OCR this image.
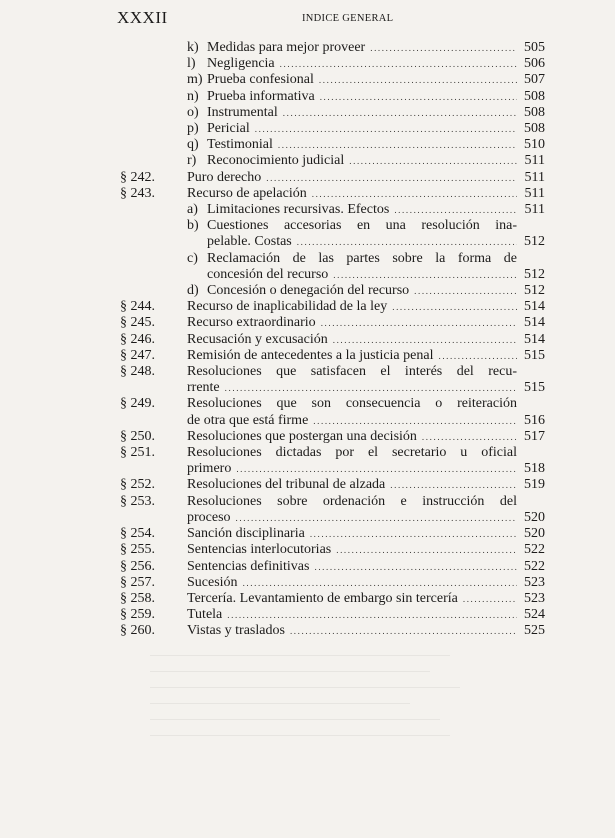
XXXII	INDICE GENERAL
k) Medidas para mejor proveer .....	505
l) Negligencia .....	506
m) Prueba confesional .....	507
n) Prueba informativa .....	508
o) Instrumental .....	508
p) Pericial .....	508
q) Testimonial .....	510
r) Reconocimiento judicial .....	511
§ 242.	Puro derecho .....	511
§ 243.	Recurso de apelación .....	511
a) Limitaciones recursivas. Efectos .....	511
b) Cuestiones accesorias en una resolución ina-
pelable. Costas .....	512
c) Reclamación de las partes sobre la forma de
concesión del recurso .....	512
d) Concesión o denegación del recurso .....	512
§ 244.	Recurso de inaplicabilidad de la ley .....	514
§ 245.	Recurso extraordinario .....	514
§ 246.	Recusación y excusación .....	514
§ 247.	Remisión de antecedentes a la justicia penal .....	515
§ 248.	Resoluciones que satisfacen el interés del recu-
rrente .....	515
§ 249.	Resoluciones que son consecuencia o reiteración
de otra que está firme .....	516
§ 250.	Resoluciones que postergan una decisión .....	517
§ 251.	Resoluciones dictadas por el secretario u oficial
primero .....	518
§ 252.	Resoluciones del tribunal de alzada .....	519
§ 253.	Resoluciones sobre ordenación e instrucción del
proceso .....	520
§ 254.	Sanción disciplinaria .....	520
§ 255.	Sentencias interlocutorias .....	522
§ 256.	Sentencias definitivas .....	522
§ 257.	Sucesión .....	523
§ 258.	Tercería. Levantamiento de embargo sin tercería .....	523
§ 259.	Tutela .....	524
§ 260.	Vistas y traslados .....	525
